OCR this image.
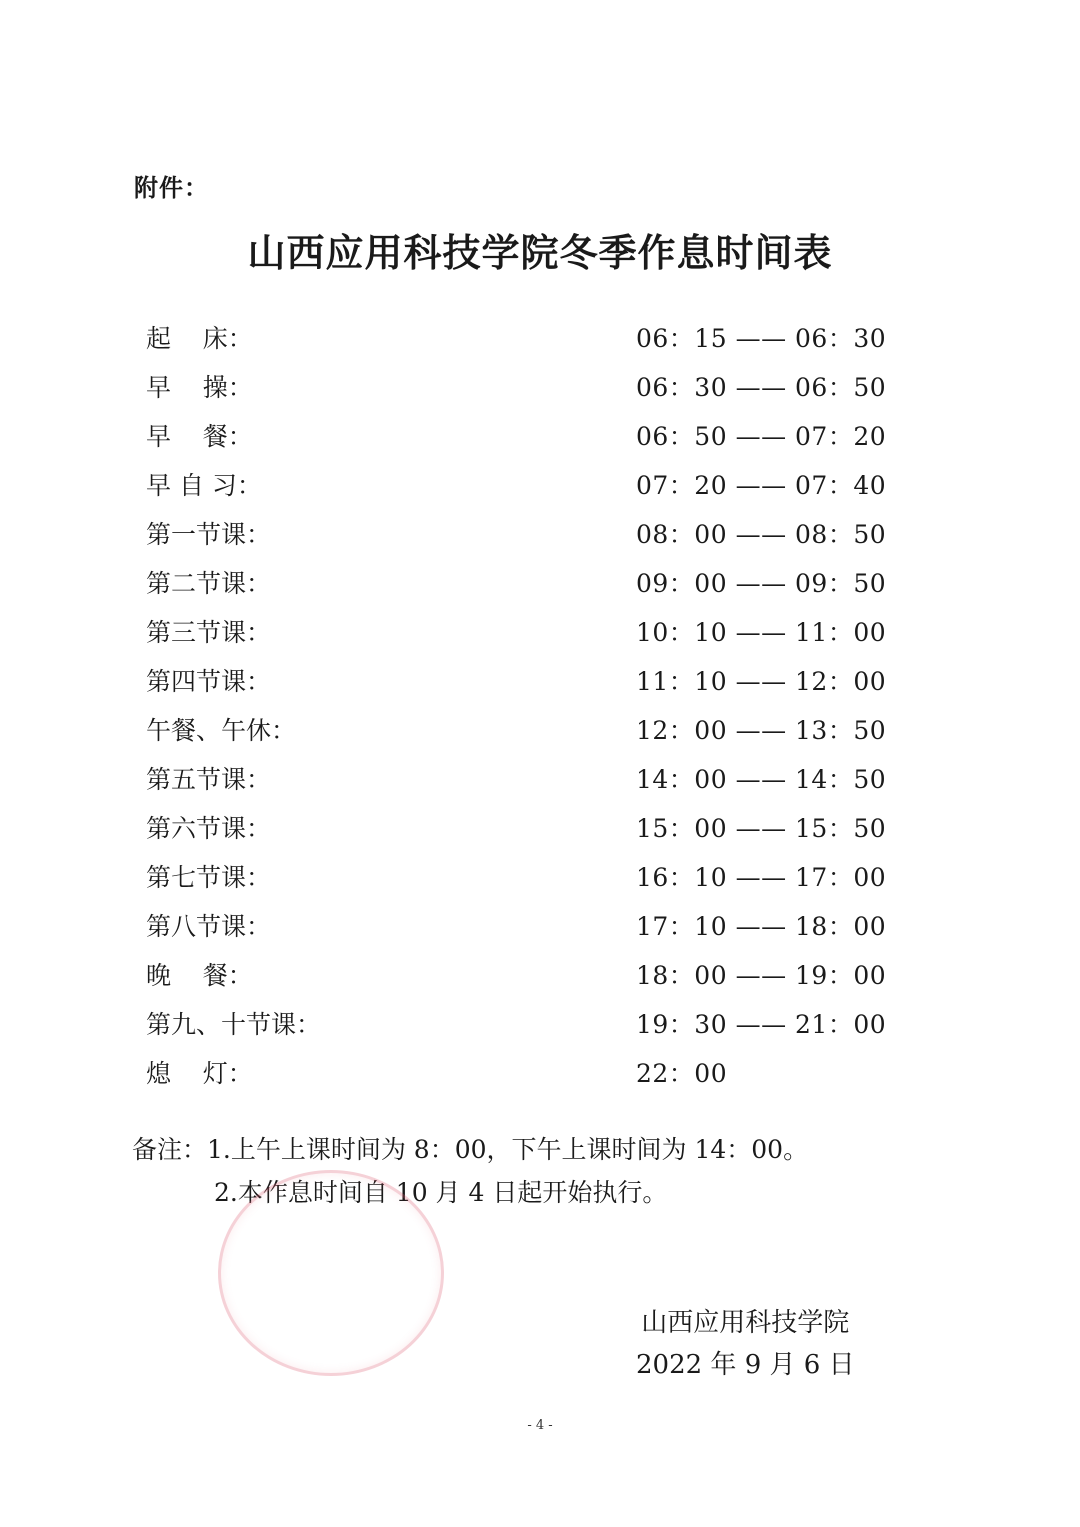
附件：
山西应用科技学院冬季作息时间表
起    床：	06：15 —— 06：30
早    操：	06：30 —— 06：50
早    餐：	06：50 —— 07：20
早 自 习：	07：20 —— 07：40
第一节课：	08：00 —— 08：50
第二节课：	09：00 —— 09：50
第三节课：	10：10 —— 11：00
第四节课：	11：10 —— 12：00
午餐、午休：	12：00 —— 13：50
第五节课：	14：00 —— 14：50
第六节课：	15：00 —— 15：50
第七节课：	16：10 —— 17：00
第八节课：	17：10 —— 18：00
晚    餐：	18：00 —— 19：00
第九、十节课：	19：30 —— 21：00
熄    灯：	22：00
备注：1.上午上课时间为 8：00，下午上课时间为 14：00。
2.本作息时间自 10 月 4 日起开始执行。
山西应用科技学院
2022 年 9 月 6 日
- 4 -
